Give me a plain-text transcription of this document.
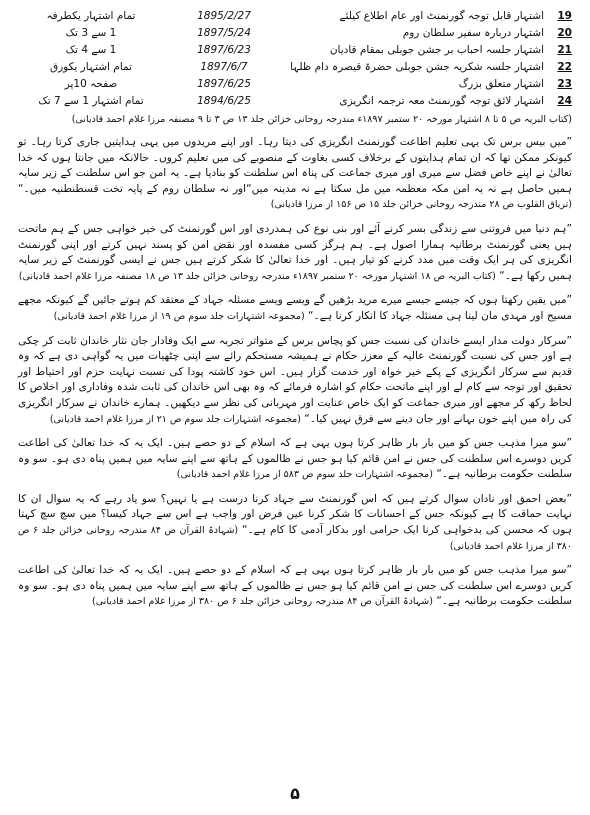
19
اشتہار قابل توجہ گورنمنٹ اور عام اطلاع کیلئے
1895/2/27
تمام اشتہار یکطرفہ
20
اشتہار دربارہ سفیر سلطان روم
1897/5/24
1 سے 3 تک
21
اشتہار جلسہ احباب بر جشن جوبلی بمقام قادیان
1897/6/23
1 سے 4 تک
22
اشتہار جلسہ شکریہ جشن جوبلی حضرۃ قیصرہ دام ظلہا
1897/6/7
تمام اشتہار یکورق
23
اشتہار متعلق بزرگ
1897/6/25
صفحہ 10پر
24
اشتہار لائق توجہ گورنمنٹ معہ ترجمہ انگریزی
1894/6/25
تمام اشتہار 1 سے 7 تک
(کتاب البریہ ص ۵ تا ۸ اشتہار مورخہ ۲۰ ستمبر ۱۸۹۷ء مندرجہ روحانی خزائن جلد ۱۳ ص ۳ تا ۹ مصنفہ مرزا غلام احمد قادیانی)

”میں بیس برس تک یہی تعلیم اطاعت گورنمنٹ انگریزی کی دیتا رہا۔ اور اپنے مریدوں میں یہی ہدایتیں جاری کرتا رہا۔ تو کیونکر ممکن تھا کہ ان تمام ہدایتوں کے برخلاف کسی بغاوت کے منصوبے کی میں تعلیم کروں۔ حالانکہ میں جانتا ہوں کہ خدا تعالیٰ نے اپنے خاص فضل سے میری اور میری جماعت کی پناہ اس سلطنت کو بنادیا ہے۔ یہ امن جو اس سلطنت کے زیر سایہ ہمیں حاصل ہے نہ یہ امن مکہ معظمہ میں مل سکتا ہے نہ مدینہ میں“اور نہ سلطان روم کے پایہ تخت قسطنطنیہ میں۔“ (تریاق القلوب ص ۲۸ مندرجہ روحانی خزائن جلد ۱۵ ص ۱۵۶ از مرزا قادیانی)

”ہم دنیا میں فروتنی سے زندگی بسر کرنے آئے اور بنی نوع کی ہمدردی اور اس گورنمنٹ کی خیر خواہی جس کے ہم ماتحت ہیں یعنی گورنمنٹ برطانیہ ہمارا اصول ہے۔ ہم ہرگز کسی مفسدہ اور نقض امن کو پسند نہیں کرتے اور اپنی گورنمنٹ انگریزی کی ہر ایک وقت میں مدد کرنے کو تیار ہیں۔ اور خدا تعالیٰ کا شکر کرتے ہیں جس نے ایسی گورنمنٹ کے زیر سایہ ہمیں رکھا ہے۔“ (کتاب البریہ ص ۱۸ اشتہار مورخہ ۲۰ ستمبر ۱۸۹۷ء مندرجہ روحانی خزائن جلد ۱۳ ص ۱۸ مصنفہ مرزا غلام احمد قادیانی)

”میں یقین رکھتا ہوں کہ جیسے جیسے میرے مرید بڑھیں گے ویسے ویسے مسئلہ جہاد کے معتقد کم ہوتے جائیں گے کیونکہ مجھے مسیح اور مہدی مان لینا ہی مسئلہ جہاد کا انکار کرنا ہے۔“ (مجموعہ اشتہارات جلد سوم ص ۱۹ از مرزا غلام احمد قادیانی)

”سرکار دولت مدار ایسے خاندان کی نسبت جس کو پچاس برس کے متواتر تجربہ سے ایک وفادار جان نثار خاندان ثابت کر چکی ہے اور جس کی نسبت گورنمنٹ عالیہ کے معزز حکام نے ہمیشہ مستحکم رائے سے اپنی چٹھیات میں یہ گواہی دی ہے کہ وہ قدیم سے سرکار انگریزی کے پکے خیر خواہ اور خدمت گزار ہیں۔ اس خود کاشتہ پودا کی نسبت نہایت حزم اور احتیاط اور تحقیق اور توجہ سے کام لے اور اپنے ماتحت حکام کو اشارہ فرمائے کہ وہ بھی اس خاندان کی ثابت شدہ وفاداری اور اخلاص کا لحاظ رکھ کر مجھے اور میری جماعت کو ایک خاص عنایت اور مہربانی کی نظر سے دیکھیں۔ ہمارے خاندان نے سرکار انگریزی کی راہ میں اپنے خون بہانے اور جان دینے سے فرق نہیں کیا۔“ (مجموعہ اشتہارات جلد سوم ص ۲۱ از مرزا غلام احمد قادیانی)

”سو میرا مذہب جس کو میں بار بار ظاہر کرتا ہوں یہی ہے کہ اسلام کے دو حصے ہیں۔ ایک یہ کہ خدا تعالیٰ کی اطاعت کریں دوسرے اس سلطنت کی جس نے امن قائم کیا ہو جس نے ظالموں کے ہاتھ سے اپنے سایہ میں ہمیں پناہ دی ہو۔ سو وہ سلطنت حکومت برطانیہ ہے۔“ (مجموعہ اشتہارات جلد سوم ص ۵۸۳ از مرزا غلام احمد قادیانی)

”بعض احمق اور نادان سوال کرتے ہیں کہ اس گورنمنٹ سے جہاد کرنا درست ہے یا نہیں؟ سو یاد رہے کہ یہ سوال ان کا نہایت حماقت کا ہے کیونکہ جس کے احسانات کا شکر کرنا عین فرض اور واجب ہے اس سے جہاد کیسا؟ میں سچ سچ کہتا ہوں کہ محسن کی بدخواہی کرنا ایک حرامی اور بدکار آدمی کا کام ہے۔“ (شہادۃ القرآن ص ۸۴ مندرجہ روحانی خزائن جلد ۶ ص ۳۸۰ از مرزا غلام احمد قادیانی)

”سو میرا مذہب جس کو میں بار بار ظاہر کرتا ہوں یہی ہے کہ اسلام کے دو حصے ہیں۔ ایک یہ کہ خدا تعالیٰ کی اطاعت کریں دوسرے اس سلطنت کی جس نے امن قائم کیا ہو جس نے ظالموں کے ہاتھ سے اپنے سایہ میں ہمیں پناہ دی ہو۔ سو وہ سلطنت حکومت برطانیہ ہے۔“ (شہادۃ القرآن ص ۸۴ مندرجہ روحانی خزائن جلد ۶ ص ۳۸۰ از مرزا غلام احمد قادیانی)

۵
